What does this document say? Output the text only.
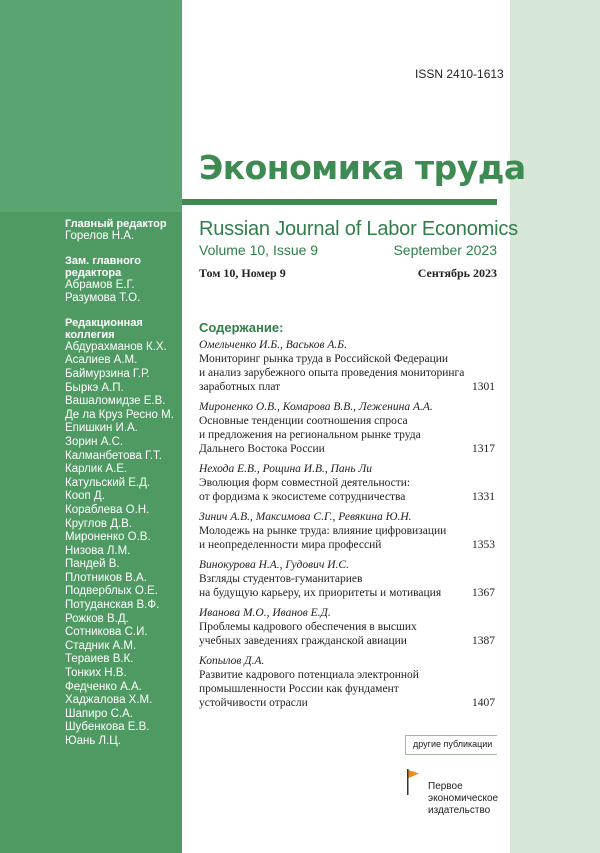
ISSN 2410-1613
Экономика труда
Russian Journal of Labor Economics
Volume 10, Issue 9	September 2023
Том 10, Номер 9	Сентябрь 2023
Главный редактор
Горелов Н.А.
Зам. главного
редактора
Абрамов Е.Г.
Разумова Т.О.
Редакционная
коллегия
Абдурахманов К.Х.
Асалиев А.М.
Баймурзина Г.Р.
Быркэ А.П.
Вашаломидзе Е.В.
Де ла Круз Ресно М.
Епишкин И.А.
Зорин А.С.
Калманбетова Г.Т.
Карлик А.Е.
Катульский Е.Д.
Кооп Д.
Кораблева О.Н.
Круглов Д.В.
Мироненко О.В.
Низова Л.М.
Пандей В.
Плотников В.А.
Подверблых О.Е.
Потуданская В.Ф.
Рожков В.Д.
Сотникова С.И.
Стадник А.М.
Тераиев В.К.
Тонких Н.В.
Федченко А.А.
Хаджалова Х.М.
Шапиро С.А.
Шубенкова Е.В.
Юань Л.Ц.
Содержание:
Омельченко И.Б., Васьков А.Б.
Мониторинг рынка труда в Российской Федерации
и анализ зарубежного опыта проведения мониторинга
заработных плат	1301
Мироненко О.В., Комарова В.В., Леженина А.А.
Основные тенденции соотношения спроса
и предложения на региональном рынке труда
Дальнего Востока России	1317
Нехода Е.В., Рощина И.В., Пань Ли
Эволюция форм совместной деятельности:
от фордизма к экосистеме сотрудничества	1331
Зинич А.В., Максимова С.Г., Ревякина Ю.Н.
Молодежь на рынке труда: влияние цифровизации
и неопределенности мира профессий	1353
Винокурова Н.А., Гудович И.С.
Взгляды студентов-гуманитариев
на будущую карьеру, их приоритеты и мотивация	1367
Иванова М.О., Иванов Е.Д.
Проблемы кадрового обеспечения в высших
учебных заведениях гражданской авиации	1387
Копылов Д.А.
Развитие кадрового потенциала электронной
промышленности России как фундамент
устойчивости отрасли	1407
другие публикации
Первое
экономическое
издательство
